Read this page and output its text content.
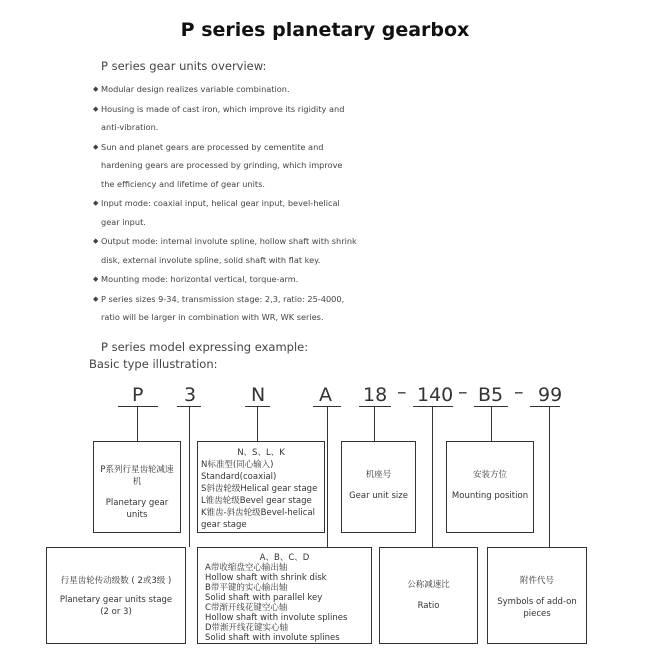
P series planetary gearbox
P series gear units overview:
◆ Modular design realizes variable combination.
◆ Housing is made of cast iron, which improve its rigidity and anti-vibration.
◆ Sun and planet gears are processed by cementite and hardening gears are processed by grinding, which improve the efficiency and lifetime of gear units.
◆ Input mode: coaxial input, helical gear input, bevel-helical gear input.
◆ Output mode: internal involute spline, hollow shaft with shrink disk, external involute spline, solid shaft with flat key.
◆ Mounting mode: horizontal vertical, torque-arm.
◆ P series sizes 9-34, transmission stage: 2,3, ratio: 25-4000, ratio will be larger in combination with WR, WK series.
P series model expressing example:
Basic type illustration:
P 3	N	A 18 – 140 – B5 – 99
P系列行星齿轮减速机
Planetary gear units
N、S、L、K
N标准型(同心输入)
Standard(coaxial)
S斜齿轮级Helical gear stage
L锥齿轮级Bevel gear stage
K锥齿-斜齿轮级Bevel-helical gear stage
机座号
Gear unit size
安装方位
Mounting position
行星齿轮传动级数 ( 2或3级 )
Planetary gear units stage (2 or 3)
A、B、C、D
A带收缩盘空心输出轴
Hollow shaft with shrink disk
B带平键的实心输出轴
Solid shaft with parallel key
C带渐开线花键空心轴
Hollow shaft with involute splines
D带渐开线花键实心轴
Solid shaft with involute splines
公称减速比
Ratio
附件代号
Symbols of add-on pieces
